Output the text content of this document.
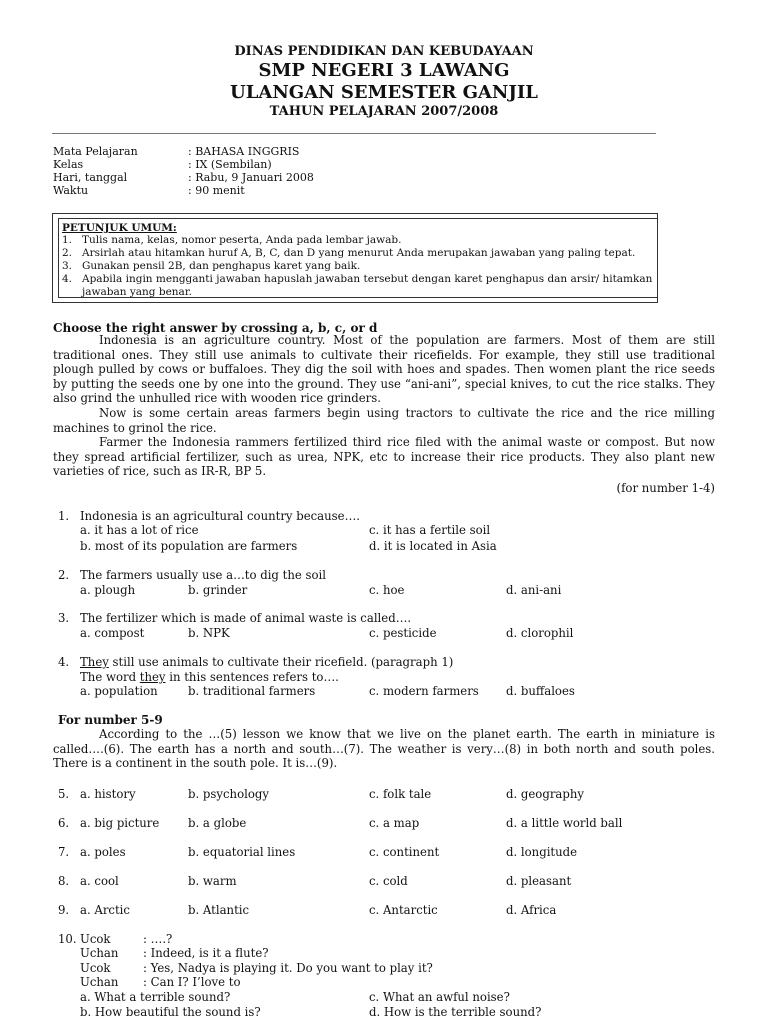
DINAS PENDIDIKAN DAN KEBUDAYAAN
SMP NEGERI 3 LAWANG
ULANGAN SEMESTER GANJIL
TAHUN PELAJARAN 2007/2008
Mata Pelajaran	: BAHASA INGGRIS
Kelas	: IX (Sembilan)
Hari, tanggal	: Rabu, 9 Januari 2008
Waktu	: 90 menit
PETUNJUK UMUM:
1. Tulis nama, kelas, nomor peserta, Anda pada lembar jawab.
2. Arsirlah atau hitamkan huruf A, B, C, dan D yang menurut Anda merupakan jawaban yang paling tepat.
3. Gunakan pensil 2B, dan penghapus karet yang baik.
4. Apabila ingin mengganti jawaban hapuslah jawaban tersebut dengan karet penghapus dan arsir/ hitamkan
jawaban yang benar.
Choose the right answer by crossing a, b, c, or d
Indonesia is an agriculture country. Most of the population are farmers. Most of them are still traditional ones. They still use animals to cultivate their ricefields. For example, they still use traditional plough pulled by cows or buffaloes. They dig the soil with hoes and spades. Then women plant the rice seeds by putting the seeds one by one into the ground. They use “ani-ani”, special knives, to cut the rice stalks. They also grind the unhulled rice with wooden rice grinders.
Now is some certain areas farmers begin using tractors to cultivate the rice and the rice milling machines to grinol the rice.
Farmer the Indonesia rammers fertilized third rice filed with the animal waste or compost. But now they spread artificial fertilizer, such as urea, NPK, etc to increase their rice products. They also plant new varieties of rice, such as IR-R, BP 5.
(for number 1-4)
1. Indonesia is an agricultural country because….
a. it has a lot of rice	c. it has a fertile soil
b. most of its population are farmers	d. it is located in Asia
2. The farmers usually use a…to dig the soil
a. plough	b. grinder	c. hoe	d. ani-ani
3. The fertilizer which is made of animal waste is called….
a. compost	b. NPK	c. pesticide	d. clorophil
4. They still use animals to cultivate their ricefield. (paragraph 1)
The word they in this sentences refers to….
a. population	b. traditional farmers	c. modern farmers d. buffaloes
For number 5-9
According to the …(5) lesson we know that we live on the planet earth. The earth in miniature is called….(6). The earth has a north and south…(7). The weather is very…(8) in both north and south poles. There is a continent in the south pole. It is…(9).
5. a. history	b. psychology	c. folk tale	d. geography
6. a. big picture b. a globe	c. a map	d. a little world ball
7. a. poles	b. equatorial lines	c. continent	d. longitude
8. a. cool	b. warm	c. cold	d. pleasant
9. a. Arctic	b. Atlantic	c. Antarctic	d. Africa
10. Ucok	: ….?
Uchan : Indeed, is it a flute?
Ucok	: Yes, Nadya is playing it. Do you want to play it?
Uchan : Can I? I’love to
a. What a terrible sound?	c. What an awful noise?
b. How beautiful the sound is?	d. How is the terrible sound?
